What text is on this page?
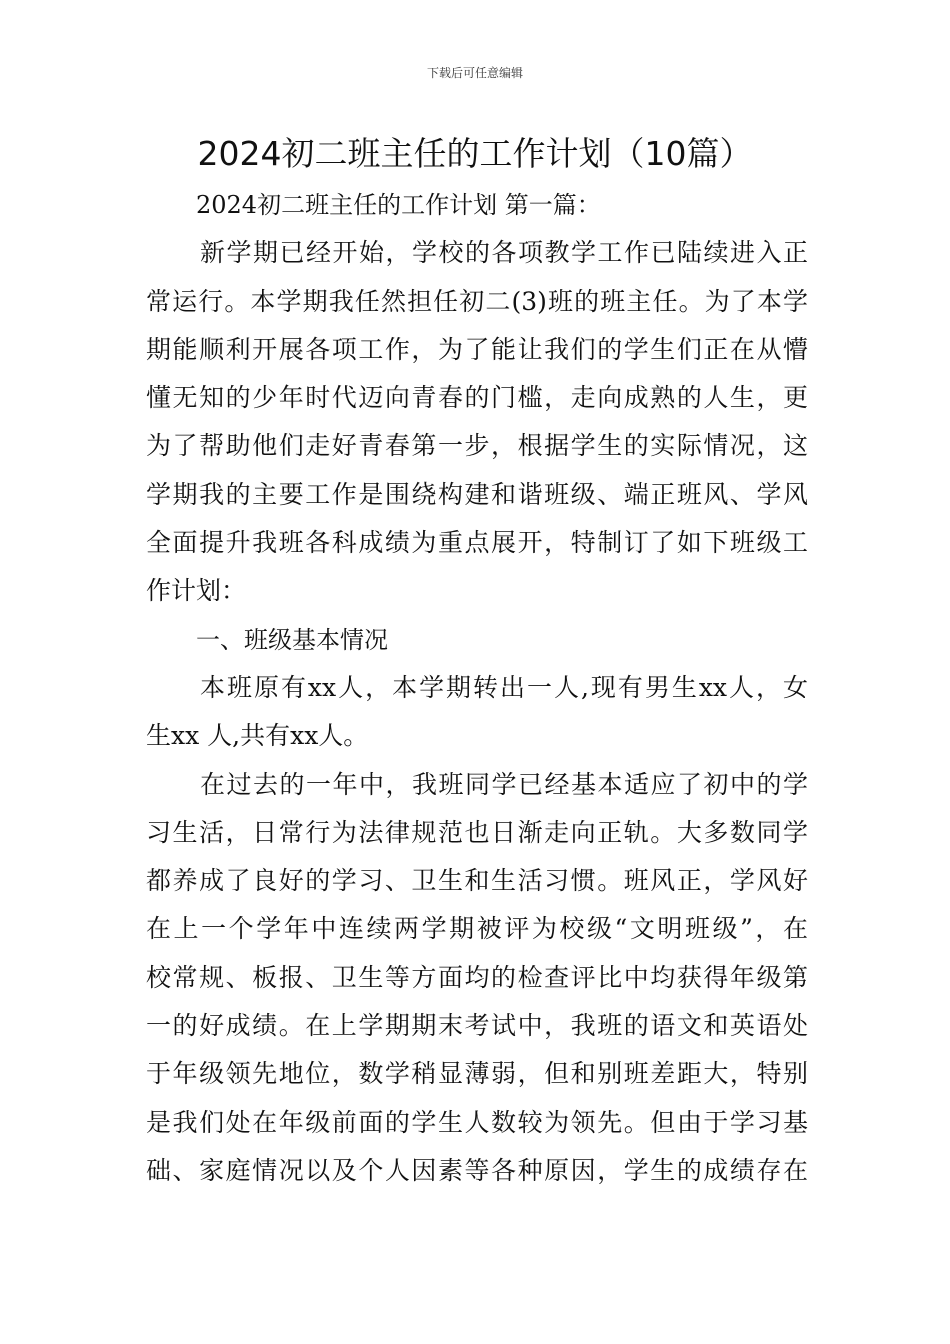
下载后可任意编辑
2024初二班主任的工作计划（10篇）
2024初二班主任的工作计划 第一篇：
新学期已经开始，学校的各项教学工作已陆续进入正
常运行。本学期我任然担任初二(3)班的班主任。为了本学
期能顺利开展各项工作，为了能让我们的学生们正在从懵
懂无知的少年时代迈向青春的门槛，走向成熟的人生，更
为了帮助他们走好青春第一步，根据学生的实际情况，这
学期我的主要工作是围绕构建和谐班级、端正班风、学风
全面提升我班各科成绩为重点展开，特制订了如下班级工
作计划：
一、班级基本情况
本班原有xx人，本学期转出一人,现有男生xx人，女
生xx 人,共有xx人。
在过去的一年中，我班同学已经基本适应了初中的学
习生活，日常行为法律规范也日渐走向正轨。大多数同学
都养成了良好的学习、卫生和生活习惯。班风正，学风好
在上一个学年中连续两学期被评为校级“文明班级”，在
校常规、板报、卫生等方面均的检查评比中均获得年级第
一的好成绩。在上学期期末考试中，我班的语文和英语处
于年级领先地位，数学稍显薄弱，但和别班差距大，特别
是我们处在年级前面的学生人数较为领先。但由于学习基
础、家庭情况以及个人因素等各种原因，学生的成绩存在
